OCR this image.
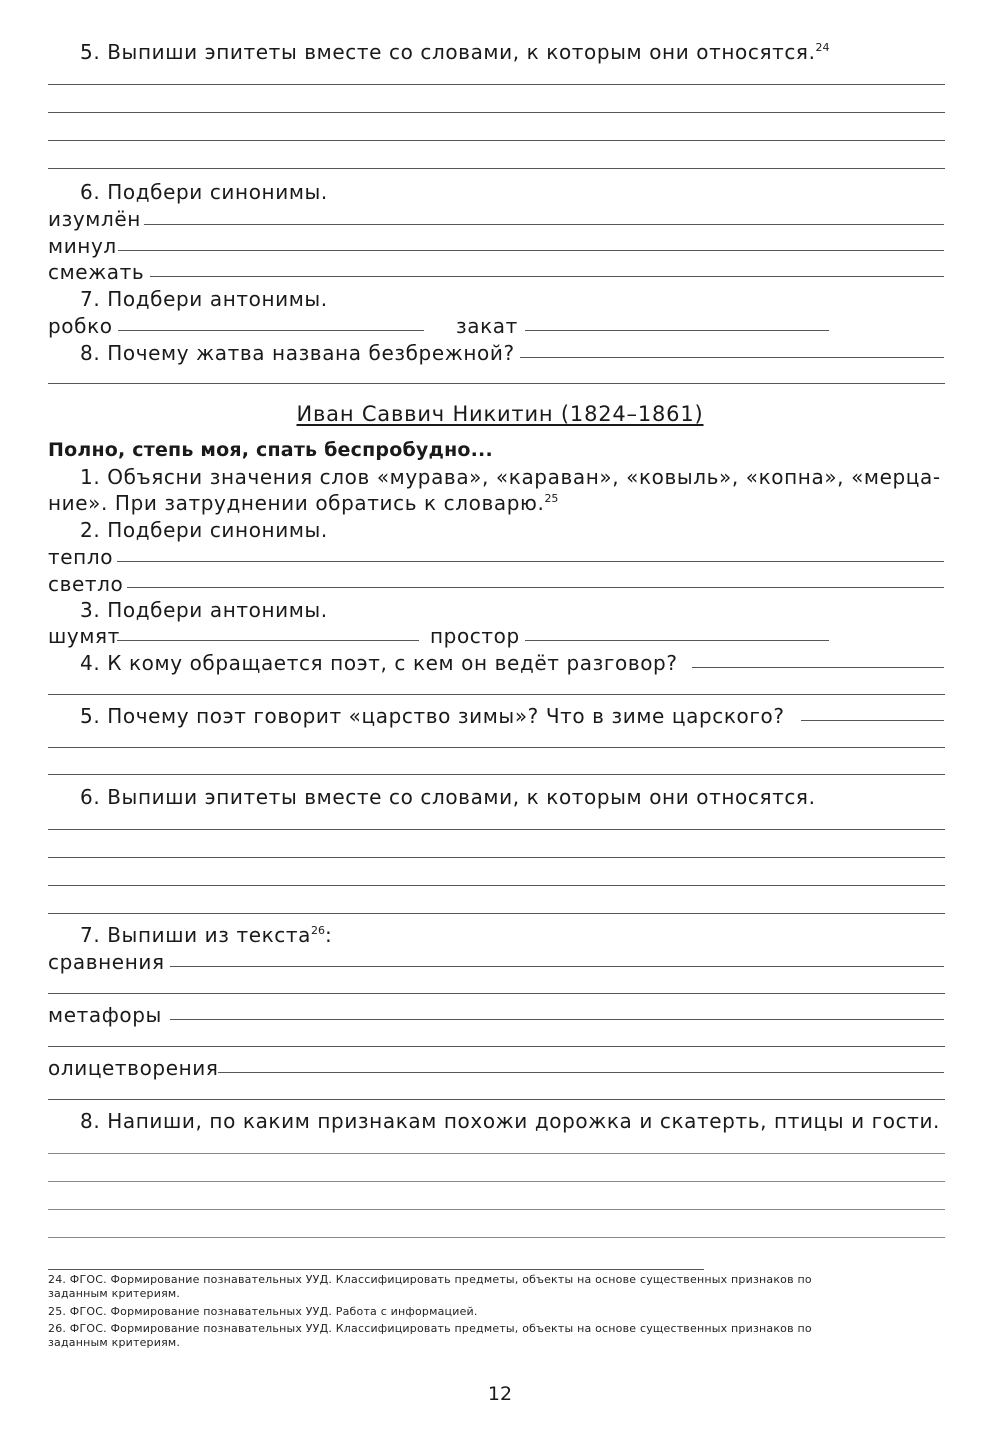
5. Выпиши эпитеты вместе со словами, к которым они относятся.$^{24}$
6. Подбери синонимы.
изумлён
минул
смежать
7. Подбери антонимы.
робко	закат
8. Почему жатва названа безбрежной?
Иван Саввич Никитин (1824–1861)
Полно, степь моя, спать беспробудно...
1. Объясни значения слов «мурава», «караван», «ковыль», «копна», «мерца-
ние». При затруднении обратись к словарю.$^{25}$
2. Подбери синонимы.
тепло
светло
3. Подбери антонимы.
шумят	простор
4. К кому обращается поэт, с кем он ведёт разговор?
5. Почему поэт говорит «царство зимы»? Что в зиме царского?
6. Выпиши эпитеты вместе со словами, к которым они относятся.
7. Выпиши из текста$^{26}$:
сравнения
метафоры
олицетворения
8. Напиши, по каким признакам похожи дорожка и скатерть, птицы и гости.
24. ФГОС. Формирование познавательных УУД. Классифицировать предметы, объекты на основе существенных признаков по
заданным критериям.
25. ФГОС. Формирование познавательных УУД. Работа с информацией.
26. ФГОС. Формирование познавательных УУД. Классифицировать предметы, объекты на основе существенных признаков по
заданным критериям.
12
